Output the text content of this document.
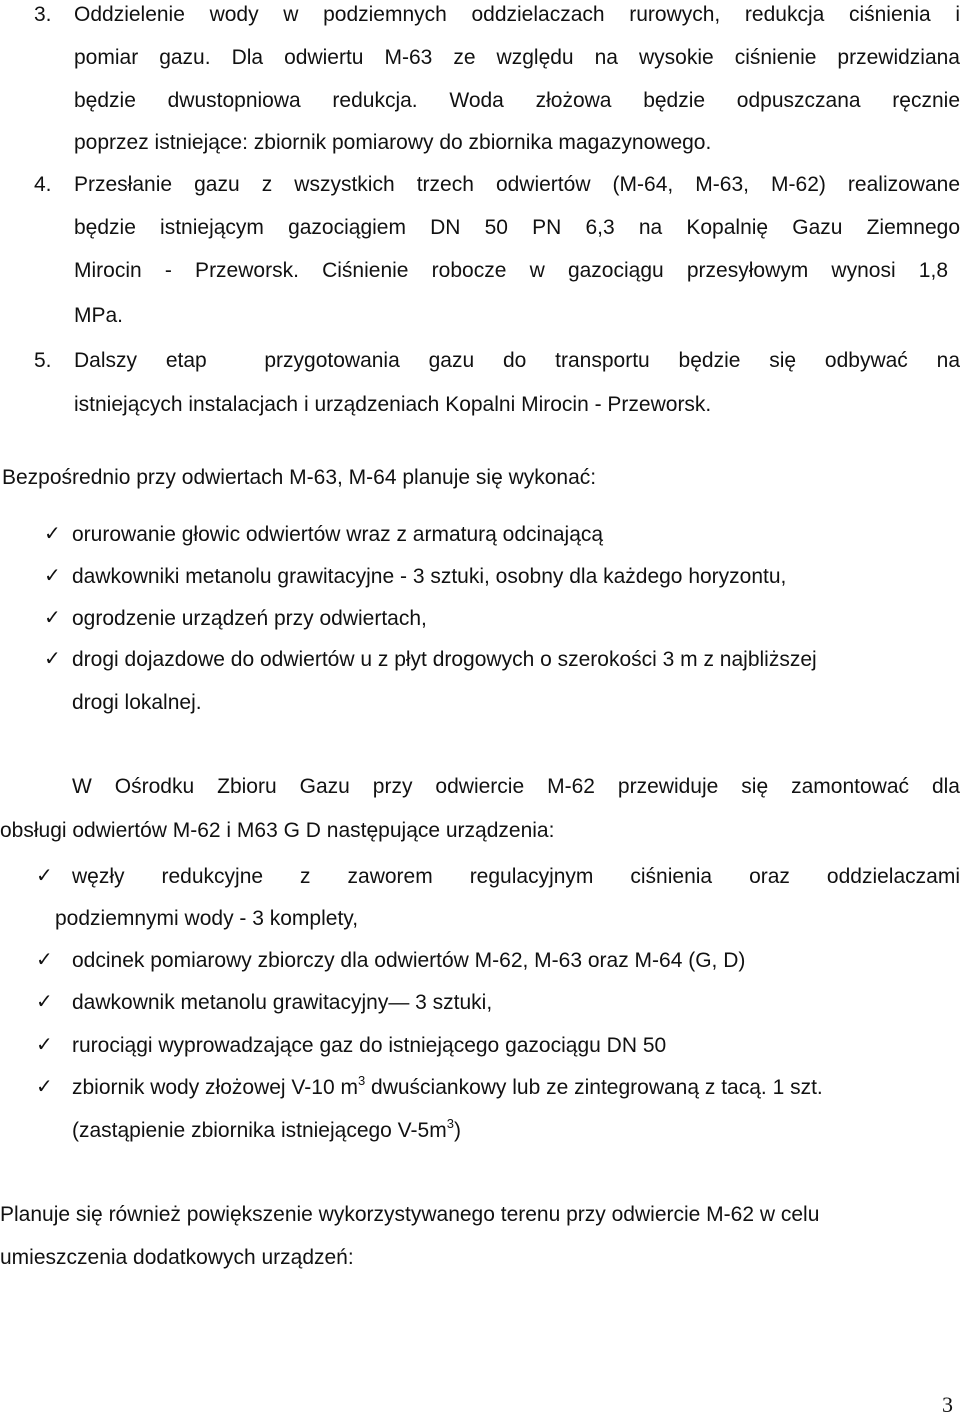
3. Oddzielenie wody w podziemnych oddzielaczach rurowych, redukcja ciśnienia i
pomiar gazu. Dla odwiertu M-63 ze względu na wysokie ciśnienie przewidziana
będzie dwustopniowa redukcja. Woda złożowa będzie odpuszczana ręcznie
poprzez istniejące: zbiornik pomiarowy do zbiornika magazynowego.
4. Przesłanie gazu z wszystkich trzech odwiertów (M-64, M-63, M-62) realizowane
będzie istniejącym gazociągiem DN 50 PN 6,3 na Kopalnię Gazu Ziemnego
Mirocin - Przeworsk. Ciśnienie robocze w gazociągu przesyłowym wynosi 1,8
MPa.
5. Dalszy etap  przygotowania gazu do transportu będzie się odbywać na
istniejących instalacjach i urządzeniach Kopalni Mirocin - Przeworsk.
Bezpośrednio przy odwiertach M-63, M-64 planuje się wykonać:
✓ orurowanie głowic odwiertów wraz z armaturą odcinającą
✓ dawkowniki metanolu grawitacyjne - 3 sztuki, osobny dla każdego horyzontu,
✓ ogrodzenie urządzeń przy odwiertach,
✓ drogi dojazdowe do odwiertów u z płyt drogowych o szerokości 3 m z najbliższej
drogi lokalnej.
W Ośrodku Zbioru Gazu przy odwiercie M-62 przewiduje się zamontować dla
obsługi odwiertów M-62 i M63 G D następujące urządzenia:
✓ węzły redukcyjne z zaworem regulacyjnym ciśnienia oraz oddzielaczami
podziemnymi wody - 3 komplety,
✓ odcinek pomiarowy zbiorczy dla odwiertów M-62, M-63 oraz M-64 (G, D)
✓ dawkownik metanolu grawitacyjny— 3 sztuki,
✓ rurociągi wyprowadzające gaz do istniejącego gazociągu DN 50
✓ zbiornik wody złożowej V-10 $m^3$ dwuściankowy lub ze zintegrowaną z tacą. 1 szt.
(zastąpienie zbiornika istniejącego $V-5m^3$)
Planuje się również powiększenie wykorzystywanego terenu przy odwiercie M-62 w celu
umieszczenia dodatkowych urządzeń:
3
